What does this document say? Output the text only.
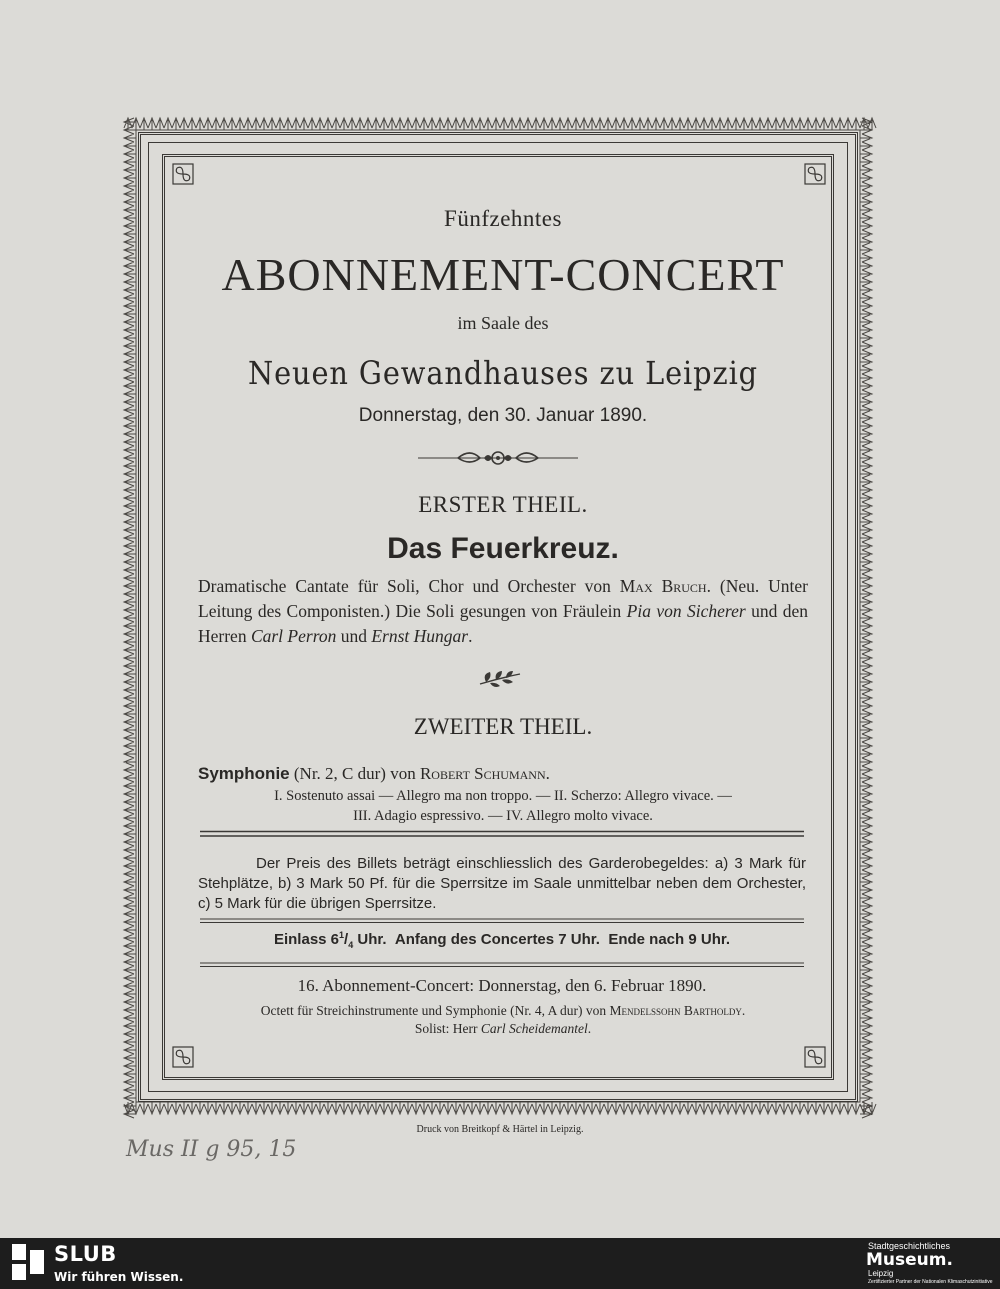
Fünfzehntes
ABONNEMENT-CONCERT
im Saale des
Neuen Gewandhauses zu Leipzig
Donnerstag, den 30. Januar 1890.
ERSTER THEIL.
Das Feuerkreuz.
Dramatische Cantate für Soli, Chor und Orchester von Max Bruch. (Neu. Unter Leitung des Componisten.) Die Soli gesungen von Fräulein Pia von Sicherer und den Herren Carl Perron und Ernst Hungar.
ZWEITER THEIL.
Symphonie (Nr. 2, C dur) von Robert Schumann.
I. Sostenuto assai — Allegro ma non troppo. — II. Scherzo: Allegro vivace. —
III. Adagio espressivo. — IV. Allegro molto vivace.
Der Preis des Billets beträgt einschliesslich des Garderobegeldes: a) 3 Mark für Stehplätze, b) 3 Mark 50 Pf. für die Sperrsitze im Saale unmittelbar neben dem Orchester, c) 5 Mark für die übrigen Sperrsitze.
Einlass $6^1/_4$ Uhr. Anfang des Concertes 7 Uhr. Ende nach 9 Uhr.
16. Abonnement-Concert: Donnerstag, den 6. Februar 1890.
Octett für Streichinstrumente und Symphonie (Nr. 4, A dur) von Mendelssohn Bartholdy.
Solist: Herr Carl Scheidemantel.
Druck von Breitkopf & Härtel in Leipzig.
Mus II g 95, 15
SLUB
Wir führen Wissen.
Stadtgeschichtliches
Museum.
Leipzig
Zertifizierter Partner der Nationalen Klimaschutzinitiative
